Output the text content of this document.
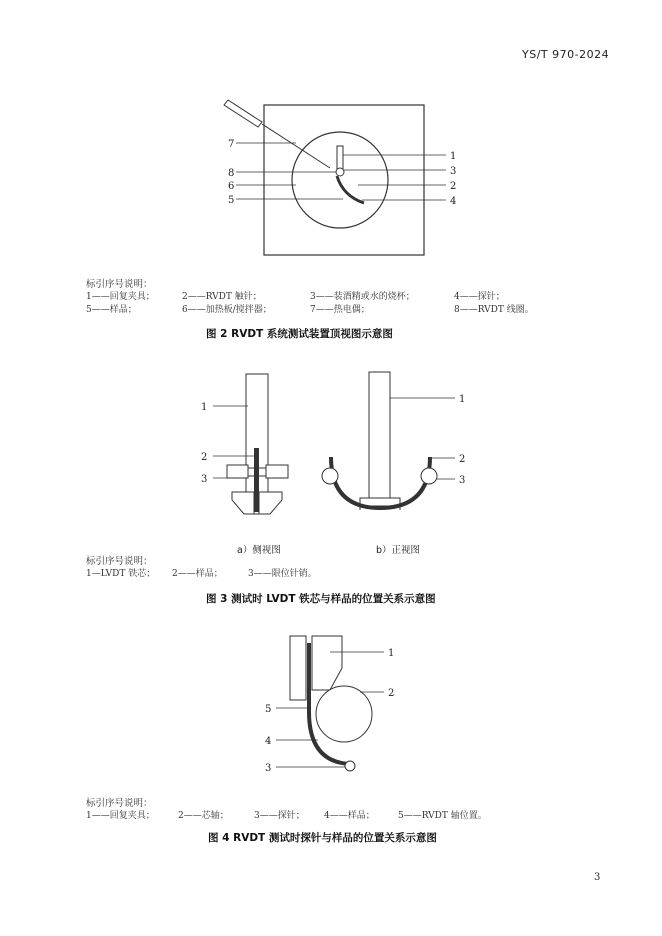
YS/T 970-2024
7
8
6
5
1
3
2
4
标引序号说明：
1——回复夹具；	2——RVDT 触针；	3——装酒精或水的烧杯；	4——探针；
5——样品；	6——加热板/搅拌器；	7——热电偶；	8——RVDT 线圈。
图 2 RVDT 系统测试装置顶视图示意图
1
2
3
1
2
3
a）侧视图	b）正视图
标引序号说明：
1—LVDT 铁芯； 2——样品；	3——限位针销。
图 3 测试时 LVDT 铁芯与样品的位置关系示意图
1
2
5
4
3
标引序号说明：
1——回复夹具；	2——芯轴；	3——探针； 4——样品；	5——RVDT 轴位置。
图 4 RVDT 测试时探针与样品的位置关系示意图
3
